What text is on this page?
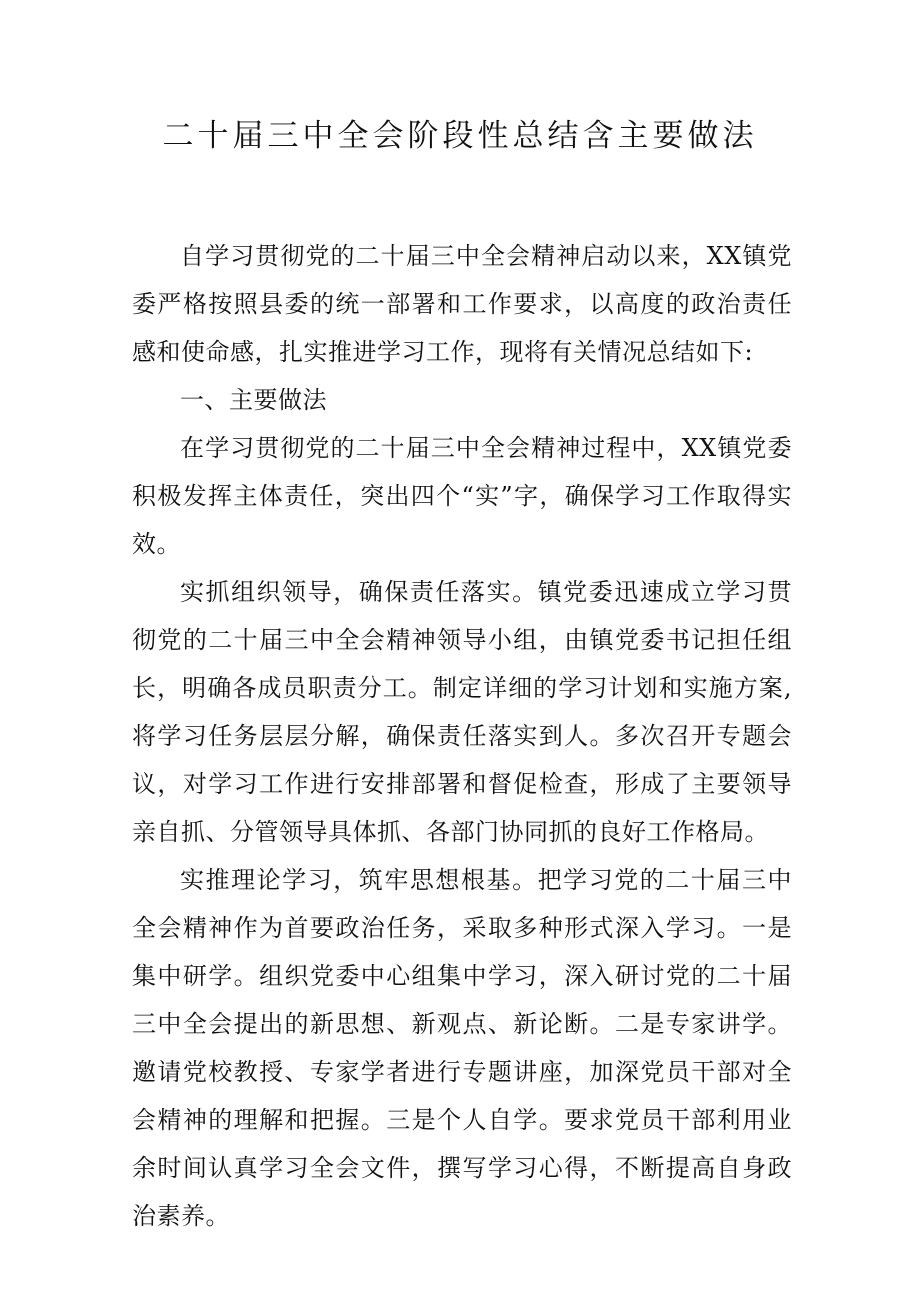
二十届三中全会阶段性总结含主要做法

自学习贯彻党的二十届三中全会精神启动以来，XX镇党委严格按照县委的统一部署和工作要求，以高度的政治责任感和使命感，扎实推进学习工作，现将有关情况总结如下:

一、主要做法

在学习贯彻党的二十届三中全会精神过程中，XX镇党委积极发挥主体责任，突出四个“实”字，确保学习工作取得实效。

实抓组织领导，确保责任落实。镇党委迅速成立学习贯彻党的二十届三中全会精神领导小组，由镇党委书记担任组长，明确各成员职责分工。制定详细的学习计划和实施方案,将学习任务层层分解，确保责任落实到人。多次召开专题会议，对学习工作进行安排部署和督促检查，形成了主要领导亲自抓、分管领导具体抓、各部门协同抓的良好工作格局。

实推理论学习，筑牢思想根基。把学习党的二十届三中全会精神作为首要政治任务，采取多种形式深入学习。一是集中研学。组织党委中心组集中学习，深入研讨党的二十届三中全会提出的新思想、新观点、新论断。二是专家讲学。邀请党校教授、专家学者进行专题讲座，加深党员干部对全会精神的理解和把握。三是个人自学。要求党员干部利用业余时间认真学习全会文件，撰写学习心得，不断提高自身政治素养。
